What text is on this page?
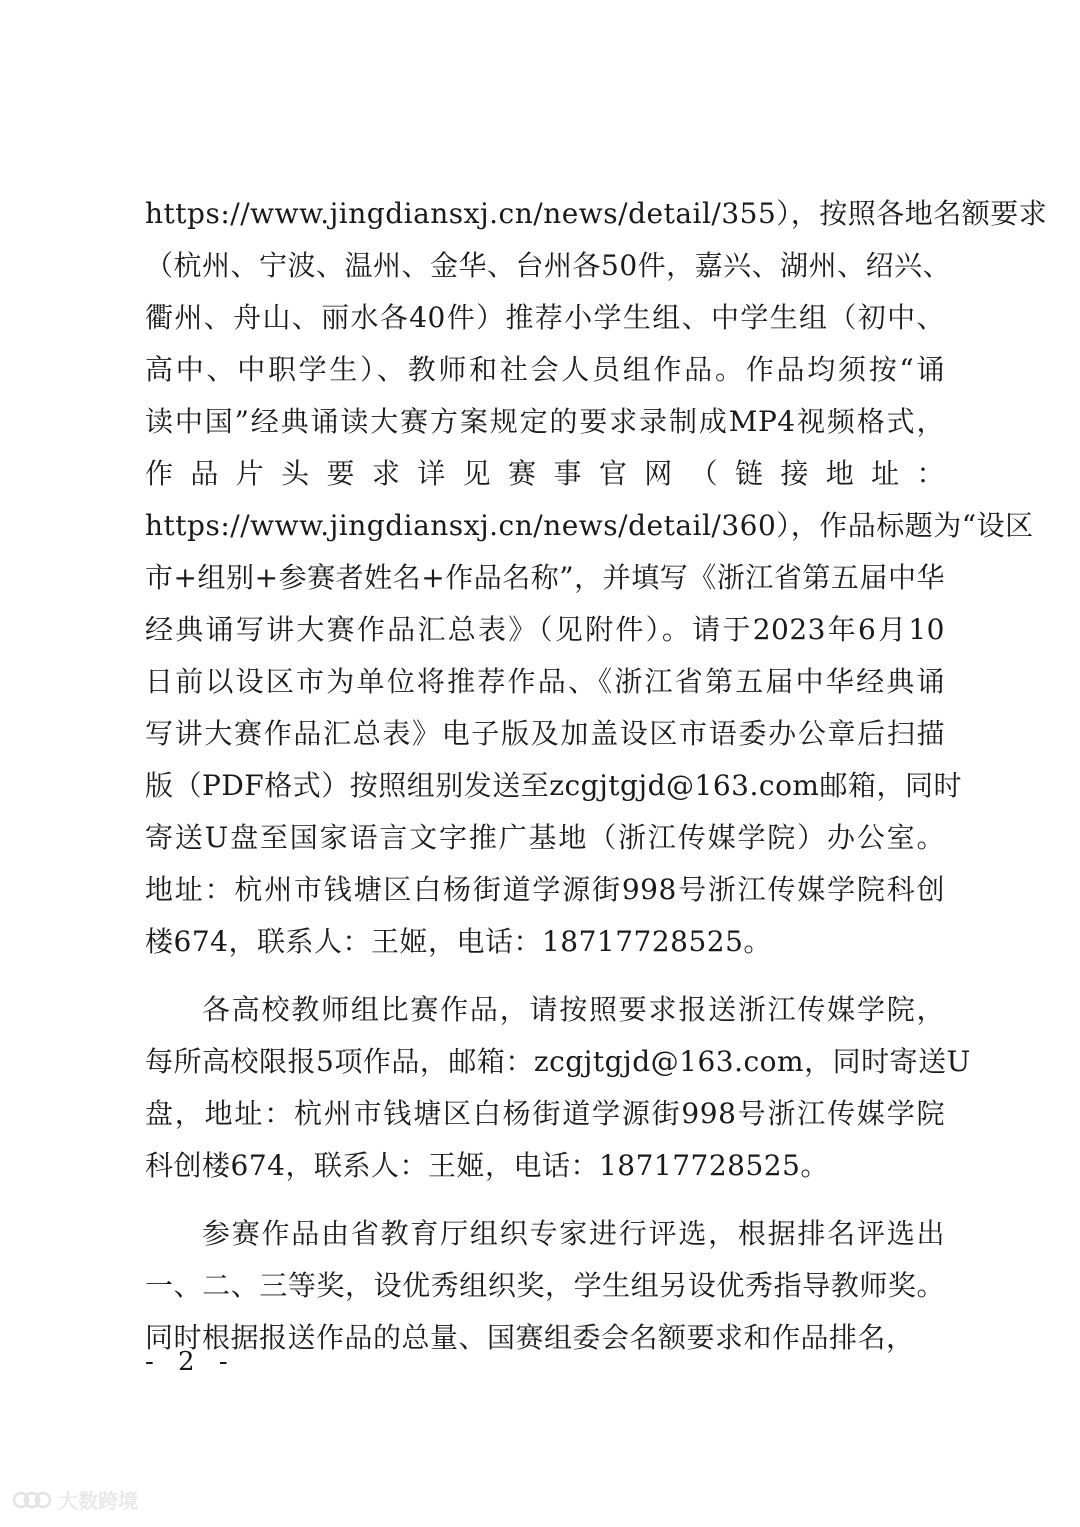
https://www.jingdiansxj.cn/news/detail/355），按照各地名额要求
（杭州、宁波、温州、金华、台州各50件，嘉兴、湖州、绍兴、
衢州、舟山、丽水各40件）推荐小学生组、中学生组（初中、
高中、中职学生）、教师和社会人员组作品。作品均须按“诵
读中国”经典诵读大赛方案规定的要求录制成MP4视频格式，
作 品 片 头 要 求 详 见 赛 事 官 网 （ 链 接 地 址 ：
https://www.jingdiansxj.cn/news/detail/360），作品标题为“设区
市+组别+参赛者姓名+作品名称”，并填写《浙江省第五届中华
经典诵写讲大赛作品汇总表》（见附件）。请于2023年6月10
日前以设区市为单位将推荐作品、《浙江省第五届中华经典诵
写讲大赛作品汇总表》电子版及加盖设区市语委办公章后扫描
版（PDF格式）按照组别发送至zcgjtgjd@163.com邮箱，同时
寄送U盘至国家语言文字推广基地（浙江传媒学院）办公室。
地址：杭州市钱塘区白杨街道学源街998号浙江传媒学院科创
楼674，联系人：王姬，电话：18717728525。
各高校教师组比赛作品，请按照要求报送浙江传媒学院，
每所高校限报5项作品，邮箱：zcgjtgjd@163.com，同时寄送U
盘，地址：杭州市钱塘区白杨街道学源街998号浙江传媒学院
科创楼674，联系人：王姬，电话：18717728525。
参赛作品由省教育厅组织专家进行评选，根据排名评选出
一、二、三等奖，设优秀组织奖，学生组另设优秀指导教师奖。
同时根据报送作品的总量、国赛组委会名额要求和作品排名，
- 2 -
大数跨境
